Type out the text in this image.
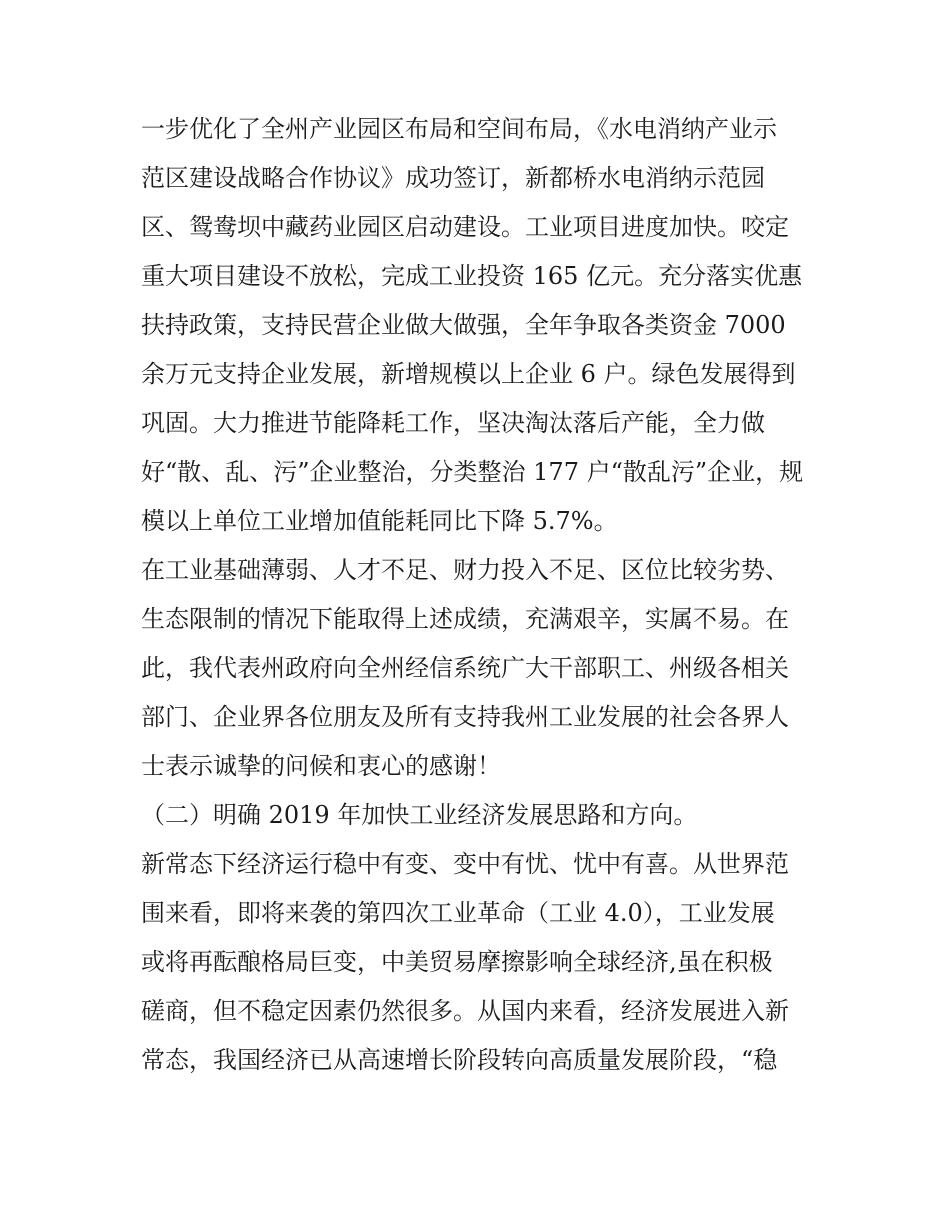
一步优化了全州产业园区布局和空间布局，《水电消纳产业示
范区建设战略合作协议》成功签订，新都桥水电消纳示范园
区、鸳鸯坝中藏药业园区启动建设。工业项目进度加快。咬定
重大项目建设不放松，完成工业投资 165 亿元。充分落实优惠
扶持政策，支持民营企业做大做强，全年争取各类资金 7000
余万元支持企业发展，新增规模以上企业 6 户。绿色发展得到
巩固。大力推进节能降耗工作，坚决淘汰落后产能，全力做
好“散、乱、污”企业整治，分类整治 177 户“散乱污”企业，规
模以上单位工业增加值能耗同比下降 5.7%。
在工业基础薄弱、人才不足、财力投入不足、区位比较劣势、
生态限制的情况下能取得上述成绩，充满艰辛，实属不易。在
此，我代表州政府向全州经信系统广大干部职工、州级各相关
部门、企业界各位朋友及所有支持我州工业发展的社会各界人
士表示诚挚的问候和衷心的感谢！
（二）明确 2019 年加快工业经济发展思路和方向。
新常态下经济运行稳中有变、变中有忧、忧中有喜。从世界范
围来看，即将来袭的第四次工业革命（工业 4.0），工业发展
或将再酝酿格局巨变，中美贸易摩擦影响全球经济,虽在积极
磋商，但不稳定因素仍然很多。从国内来看，经济发展进入新
常态，我国经济已从高速增长阶段转向高质量发展阶段，“稳
